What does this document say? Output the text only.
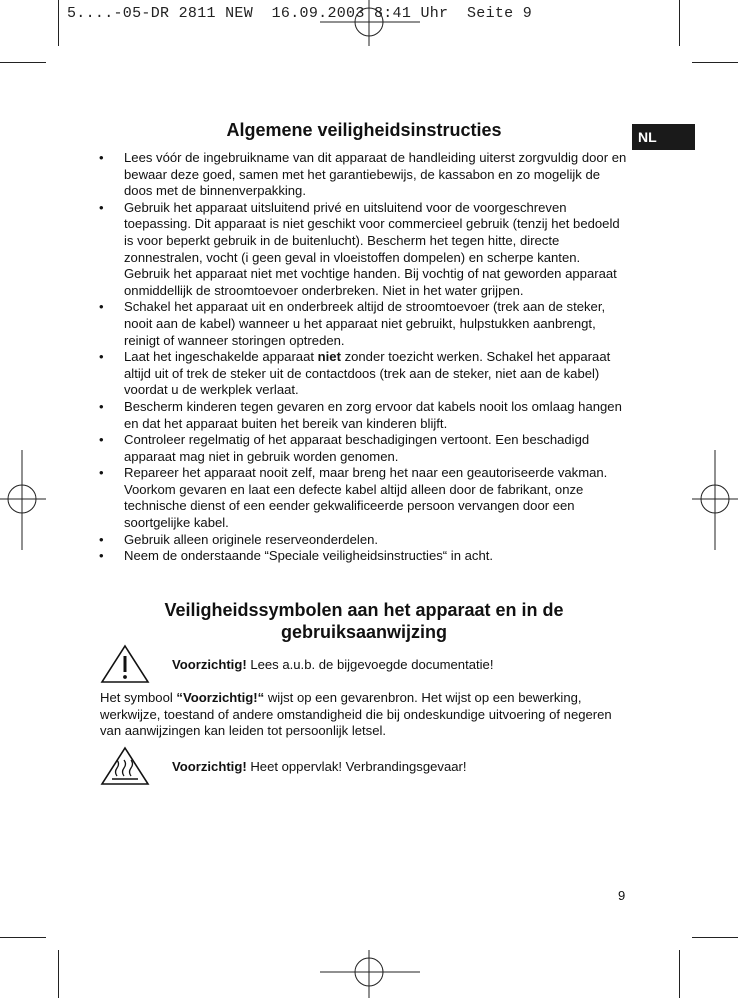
5....-05-DR 2811 NEW  16.09.2003 8:41 Uhr  Seite 9
NL
Algemene veiligheidsinstructies
• Lees vóór de ingebruikname van dit apparaat de handleiding uiterst zorgvuldig door en bewaar deze goed, samen met het garantiebewijs, de kassabon en zo mogelijk de doos met de binnenverpakking.
• Gebruik het apparaat uitsluitend privé en uitsluitend voor de voorgeschreven toepassing. Dit apparaat is niet geschikt voor commercieel gebruik (tenzij het bedoeld is voor beperkt gebruik in de buitenlucht). Bescherm het tegen hitte, directe zonnestralen, vocht (i geen geval in vloeistoffen dompelen) en scherpe kanten. Gebruik het apparaat niet met vochtige handen. Bij vochtig of nat geworden apparaat onmiddellijk de stroomtoevoer onderbreken. Niet in het water grijpen.
• Schakel het apparaat uit en onderbreek altijd de stroomtoevoer (trek aan de steker, nooit aan de kabel) wanneer u het apparaat niet gebruikt, hulpstukken aanbrengt, reinigt of wanneer storingen optreden.
• Laat het ingeschakelde apparaat niet zonder toezicht werken. Schakel het apparaat altijd uit of trek de steker uit de contactdoos (trek aan de steker, niet aan de kabel) voordat u de werkplek verlaat.
• Bescherm kinderen tegen gevaren en zorg ervoor dat kabels nooit los omlaag hangen en dat het apparaat buiten het bereik van kinderen blijft.
• Controleer regelmatig of het apparaat beschadigingen vertoont. Een beschadigd apparaat mag niet in gebruik worden genomen.
• Repareer het apparaat nooit zelf, maar breng het naar een geautoriseerde vakman. Voorkom gevaren en laat een defecte kabel altijd alleen door de fabrikant, onze technische dienst of een eender gekwalificeerde persoon vervangen door een soortgelijke kabel.
• Gebruik alleen originele reserveonderdelen.
• Neem de onderstaande “Speciale veiligheidsinstructies“ in acht.
Veiligheidssymbolen aan het apparaat en in de
gebruiksaanwijzing
Voorzichtig! Lees a.u.b. de bijgevoegde documentatie!
Het symbool “Voorzichtig!“ wijst op een gevarenbron. Het wijst op een bewerking, werkwijze, toestand of andere omstandigheid die bij ondeskundige uitvoering of negeren van aanwijzingen kan leiden tot persoonlijk letsel.
Voorzichtig! Heet oppervlak! Verbrandingsgevaar!
9
